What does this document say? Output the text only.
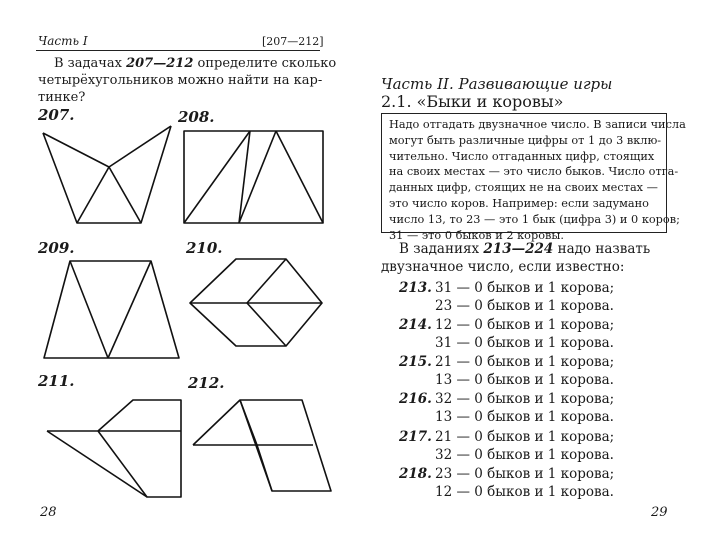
Часть I	[207—212]
В задачах 207—212 определите сколько
четырёхугольников можно найти на кар-
тинке?
207.	208.
209.	210.
211.	212.
28
Часть II. Развивающие игры
2.1. «Быки и коровы»
Надо отгадать двузначное число. В записи числа
могут быть различные цифры от 1 до 3 вклю-
чительно. Число отгаданных цифр, стоящих
на своих местах — это число быков. Число отга-
данных цифр, стоящих не на своих местах —
это число коров. Например: если задумано
число 13, то 23 — это 1 бык (цифра 3) и 0 коров;
31 — это 0 быков и 2 коровы.
В заданиях 213—224 надо назвать
двузначное число, если известно:
213. 31 — 0 быков и 1 корова;
23 — 0 быков и 1 корова.
214. 12 — 0 быков и 1 корова;
31 — 0 быков и 1 корова.
215. 21 — 0 быков и 1 корова;
13 — 0 быков и 1 корова.
216. 32 — 0 быков и 1 корова;
13 — 0 быков и 1 корова.
217. 21 — 0 быков и 1 корова;
32 — 0 быков и 1 корова.
218. 23 — 0 быков и 1 корова;
12 — 0 быков и 1 корова.
29
